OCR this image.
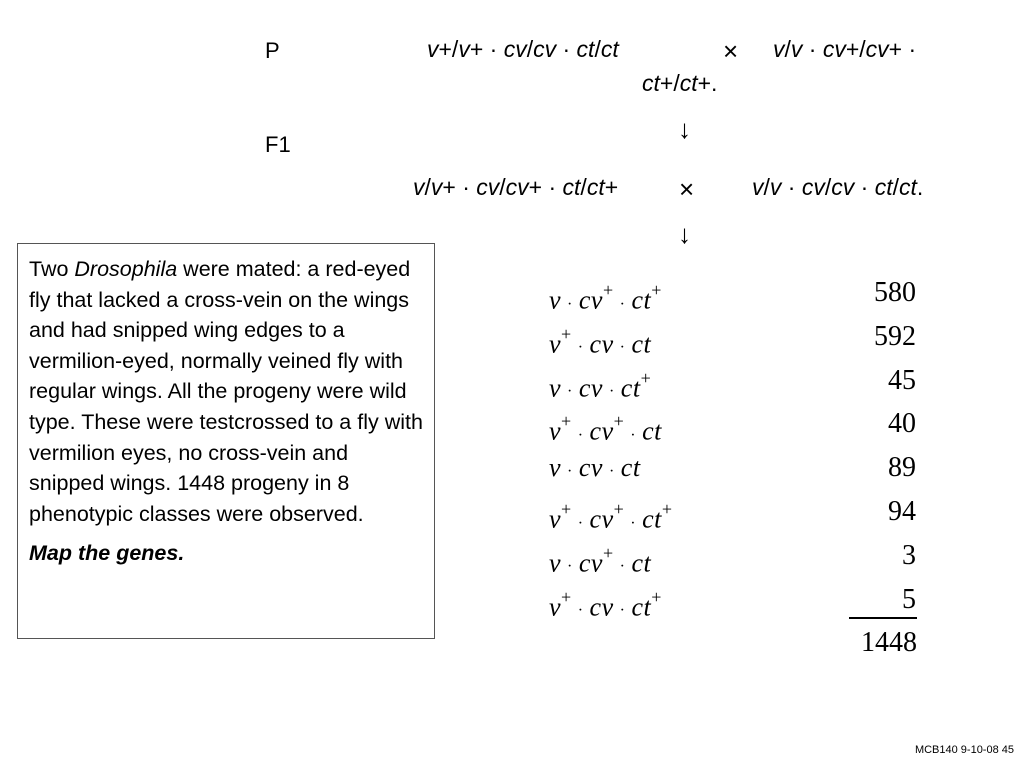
P	v+/v+ · cv/cv · ct/ct	× v/v · cv+/cv+ ·
ct+/ct+.
↓
F1
v/v+ · cv/cv+ · ct/ct+ ×	v/v · cv/cv · ct/ct.
↓

Two Drosophila were mated: a red-eyed fly that lacked a cross-vein on the wings and had snipped wing edges to a vermilion-eyed, normally veined fly with regular wings. All the progeny were wild type. These were testcrossed to a fly with vermilion eyes, no cross-vein and snipped wings. 1448 progeny in 8 phenotypic classes were observed.

Map the genes.

v · cv+· ct+	580
v+· cv · ct	592
v · cv · ct+	45
v+· cv+· ct	40
v · cv · ct	89
v+· cv+· ct+	94
v · cv+· ct	3
v+· cv · ct+	5
1448
MCB140 9-10-08 45
